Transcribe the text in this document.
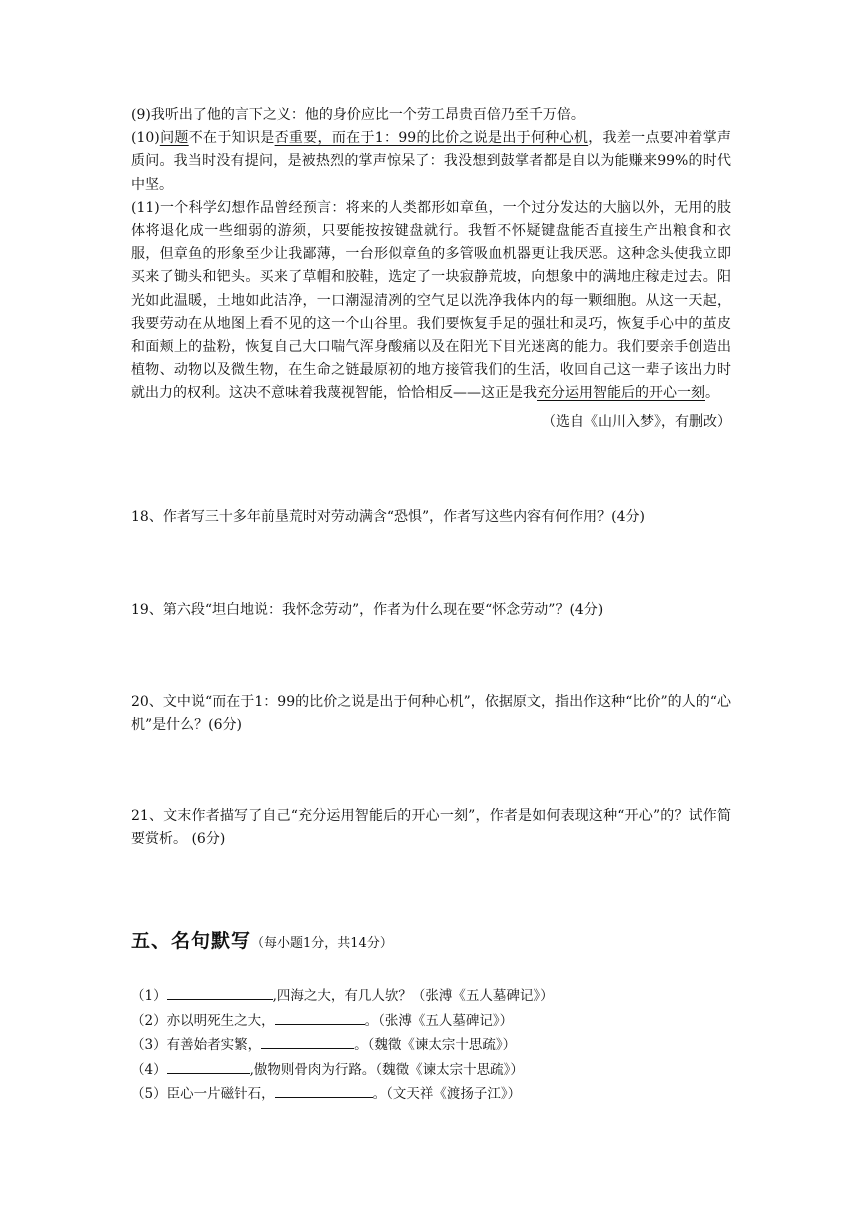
(9)我听出了他的言下之义：他的身价应比一个劳工昂贵百倍乃至千万倍。

(10)问题不在于知识是否重要，而在于1：99的比价之说是出于何种心机，我差一点要冲着掌声质问。我当时没有提问，是被热烈的掌声惊呆了：我没想到鼓掌者都是自以为能赚来99%的时代中坚。

(11)一个科学幻想作品曾经预言：将来的人类都形如章鱼，一个过分发达的大脑以外，无用的肢体将退化成一些细弱的游须，只要能按按键盘就行。我暂不怀疑键盘能否直接生产出粮食和衣服，但章鱼的形象至少让我鄙薄，一台形似章鱼的多管吸血机器更让我厌恶。这种念头使我立即买来了锄头和钯头。买来了草帽和胶鞋，选定了一块寂静荒坡，向想象中的满地庄稼走过去。阳光如此温暖，土地如此洁净，一口潮湿清冽的空气足以洗净我体内的每一颗细胞。从这一天起，我要劳动在从地图上看不见的这一个山谷里。我们要恢复手足的强壮和灵巧，恢复手心中的茧皮和面颊上的盐粉，恢复自己大口喘气浑身酸痛以及在阳光下目光迷离的能力。我们要亲手创造出植物、动物以及微生物，在生命之链最原初的地方接管我们的生活，收回自己这一辈子该出力时就出力的权利。这决不意味着我蔑视智能，恰恰相反——这正是我充分运用智能后的开心一刻。

（选自《山川入梦》，有删改）

18、作者写三十多年前垦荒时对劳动满含“恐惧”，作者写这些内容有何作用？(4分)

19、第六段“坦白地说：我怀念劳动”，作者为什么现在要“怀念劳动”？(4分)

20、文中说“而在于1：99的比价之说是出于何种心机”，依据原文，指出作这种“比价”的人的“心机”是什么？(6分)

21、文末作者描写了自己“充分运用智能后的开心一刻”，作者是如何表现这种“开心”的？试作简要赏析。 (6分)

五、名句默写（每小题1分，共14分）
（1）	,四海之大，有几人欤？（张溥《五人墓碑记》）
（2）亦以明死生之大，	。（张溥《五人墓碑记》）
（3）有善始者实繁，	。（魏徵《谏太宗十思疏》）
（4）	,傲物则骨肉为行路。（魏徵《谏太宗十思疏》）
（5）臣心一片磁针石，	。（文天祥《渡扬子江》）
